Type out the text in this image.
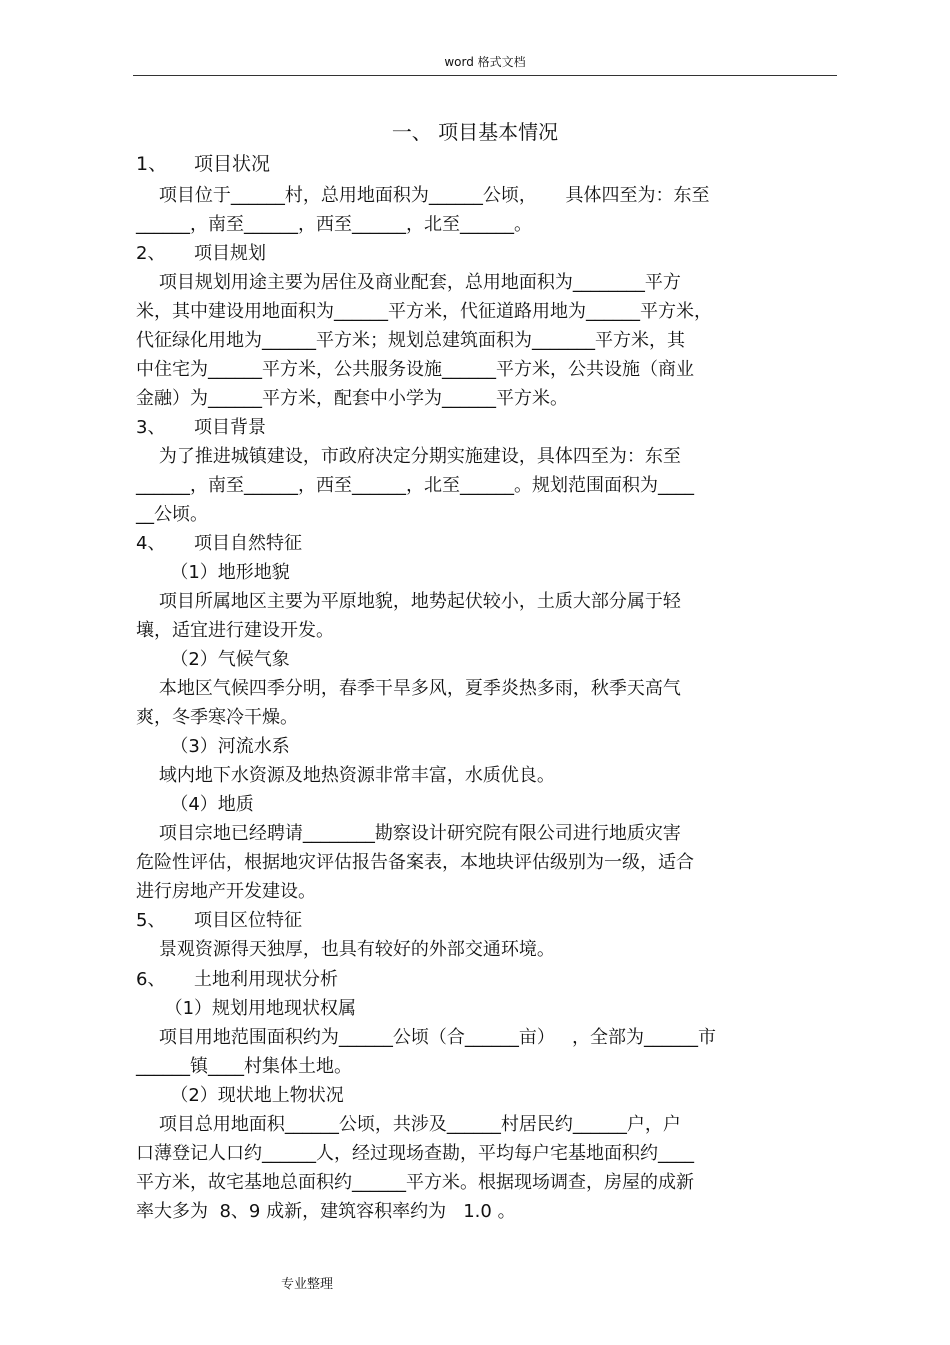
word 格式文档
一、 项目基本情况
1、 项目状况
项目位于______村，总用地面积为______公顷，     具体四至为：东至
______，南至______，西至______，北至______。
2、 项目规划
项目规划用途主要为居住及商业配套，总用地面积为________平方
米，其中建设用地面积为______平方米，代征道路用地为______平方米，
代征绿化用地为______平方米；规划总建筑面积为_______平方米，其
中住宅为______平方米，公共服务设施______平方米，公共设施（商业
金融）为______平方米，配套中小学为______平方米。
3、 项目背景
为了推进城镇建设，市政府决定分期实施建设，具体四至为：东至
______，南至______，西至______，北至______。规划范围面积为____
__公顷。
4、 项目自然特征
（1）地形地貌
项目所属地区主要为平原地貌，地势起伏较小，土质大部分属于轻
壤，适宜进行建设开发。
（2）气候气象
本地区气候四季分明，春季干旱多风，夏季炎热多雨，秋季天高气
爽，冬季寒冷干燥。
（3）河流水系
域内地下水资源及地热资源非常丰富，水质优良。
（4）地质
项目宗地已经聘请________勘察设计研究院有限公司进行地质灾害
危险性评估，根据地灾评估报告备案表，本地块评估级别为一级，适合
进行房地产开发建设。
5、 项目区位特征
景观资源得天独厚，也具有较好的外部交通环境。
6、 土地利用现状分析
（1）规划用地现状权属
项目用地范围面积约为______公顷（合______亩）   ，全部为______市
______镇____村集体土地。
（2）现状地上物状况
项目总用地面积______公顷，共涉及______村居民约______户，户
口薄登记人口约______人，经过现场查勘，平均每户宅基地面积约____
平方米，故宅基地总面积约______平方米。根据现场调查，房屋的成新
率大多为  8、9 成新，建筑容积率约为   1.0 。
专业整理
